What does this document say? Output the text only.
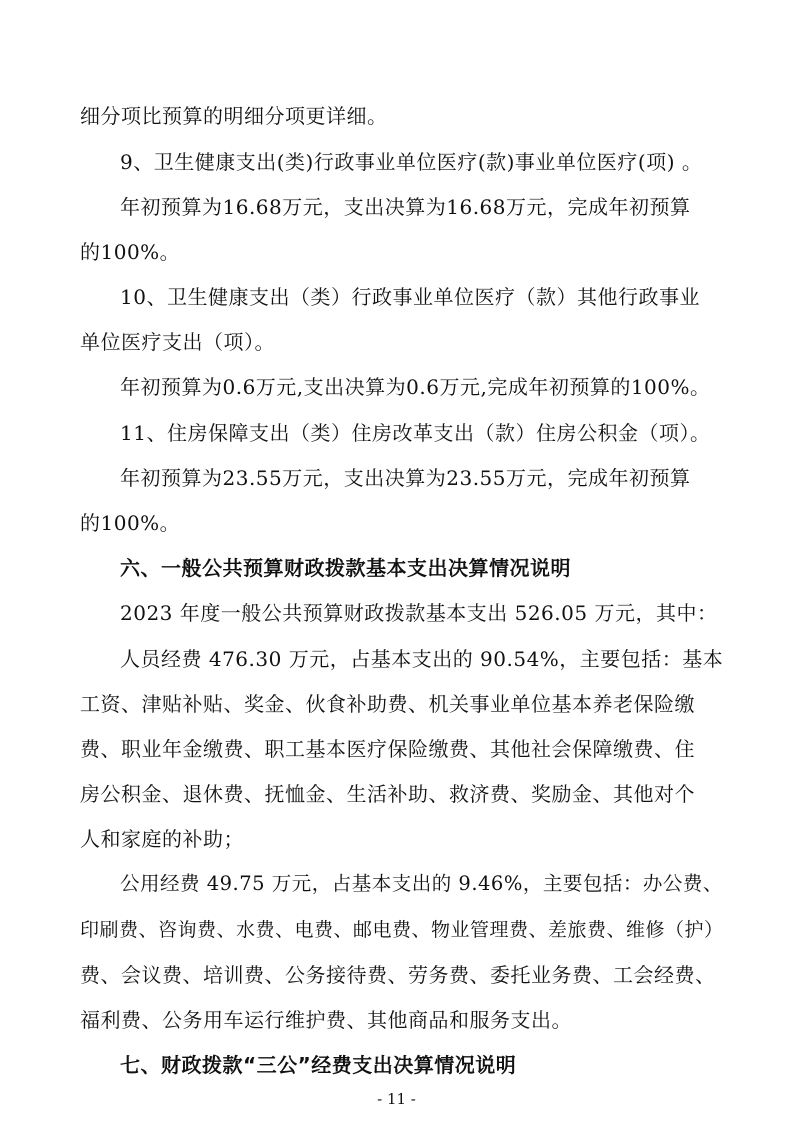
细分项比预算的明细分项更详细。
9、卫生健康支出(类)行政事业单位医疗(款)事业单位医疗(项) 。
年初预算为16.68万元，支出决算为16.68万元，完成年初预算
的100%。
10、卫生健康支出（类）行政事业单位医疗（款）其他行政事业
单位医疗支出（项）。
年初预算为0.6万元,支出决算为0.6万元,完成年初预算的100%。
11、住房保障支出（类）住房改革支出（款）住房公积金（项）。
年初预算为23.55万元，支出决算为23.55万元，完成年初预算
的100%。
六、一般公共预算财政拨款基本支出决算情况说明
2023 年度一般公共预算财政拨款基本支出 526.05 万元，其中：
人员经费 476.30 万元，占基本支出的 90.54%，主要包括：基本
工资、津贴补贴、奖金、伙食补助费、机关事业单位基本养老保险缴
费、职业年金缴费、职工基本医疗保险缴费、其他社会保障缴费、住
房公积金、退休费、抚恤金、生活补助、救济费、奖励金、其他对个
人和家庭的补助；
公用经费 49.75 万元，占基本支出的 9.46%，主要包括：办公费、
印刷费、咨询费、水费、电费、邮电费、物业管理费、差旅费、维修（护）
费、会议费、培训费、公务接待费、劳务费、委托业务费、工会经费、
福利费、公务用车运行维护费、其他商品和服务支出。
七、财政拨款“三公”经费支出决算情况说明
- 11 -
